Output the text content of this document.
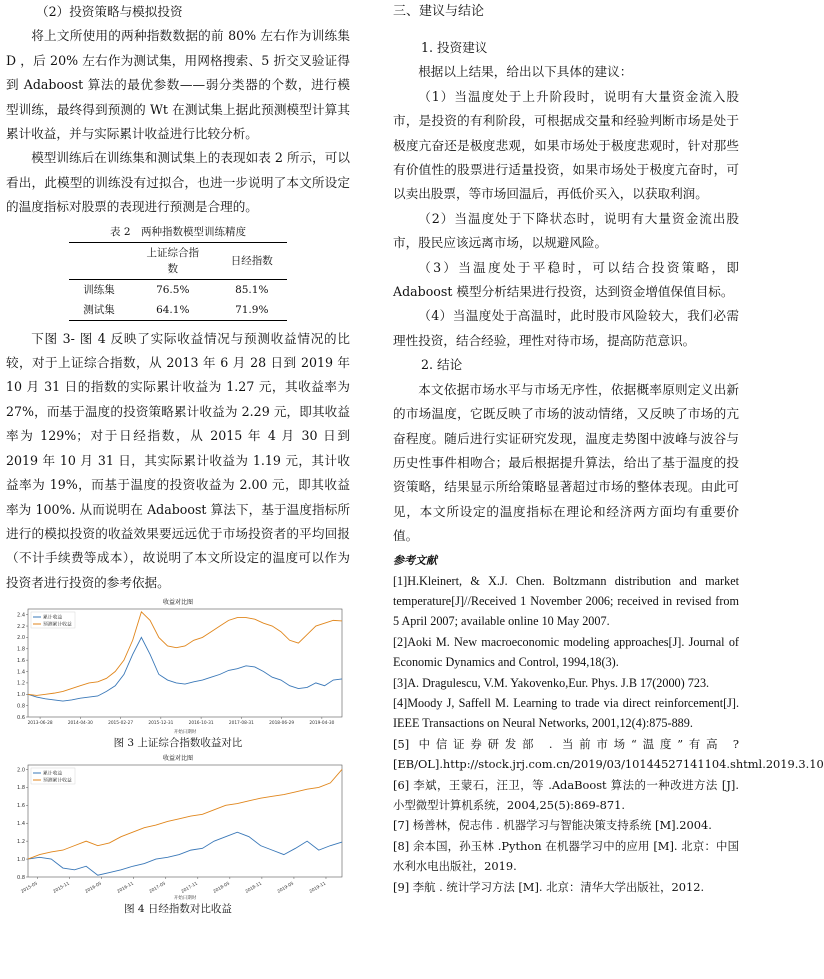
（2）投资策略与模拟投资

将上文所使用的两种指数数据的前 80% 左右作为训练集 D ，后 20% 左右作为测试集，用网格搜索、5 折交叉验证得到 Adaboost 算法的最优参数——弱分类器的个数，进行模型训练，最终得到预测的 Wt 在测试集上据此预测模型计算其累计收益，并与实际累计收益进行比较分析。

模型训练后在训练集和测试集上的表现如表 2 所示，可以看出，此模型的训练没有过拟合，也进一步说明了本文所设定的温度指标对股票的表现进行预测是合理的。

表 2　两种指数模型训练精度
	上证综合指数	日经指数
训练集	76.5%	85.1%
测试集	64.1%	71.9%

下图 3- 图 4 反映了实际收益情况与预测收益情况的比较，对于上证综合指数，从 2013 年 6 月 28 日到 2019 年 10 月 31 日的指数的实际累计收益为 1.27 元，其收益率为 27%，而基于温度的投资策略累计收益为 2.29 元，即其收益率为 129%；对于日经指数，从 2015 年 4 月 30 日到 2019 年 10 月 31 日，其实际累计收益为 1.19 元，其计收益率为 19%，而基于温度的投资收益为 2.00 元，即其收益率为 100%. 从而说明在 Adaboost 算法下，基于温度指标所进行的模拟投资的收益效果要远远优于市场投资者的平均回报（不计手续费等成本），故说明了本文所设定的温度可以作为投资者进行投资的参考依据。

收益对比图
0.6
0.8
1.0
1.2
1.4
1.6
1.8
2.0
2.2
2.4
2013-06-28	2014-04-30	2015-02-27	2015-12-31	2016-10-31	2017-08-31	2018-06-29	2019-04-30
开始日期时
累计收益
预测累计收益

图 3 上证综合指数收益对比

收益对比图
0.8
1.0
1.2
1.4
1.6
1.8
2.0
2015-05	2015-11	2016-05	2016-11	2017-05	2017-11	2018-05	2018-11	2019-05	2019-11
开始日期时
累计收益
预测累计收益

图 4 日经指数对比收益

三、建议与结论

1. 投资建议

根据以上结果，给出以下具体的建议：

（1）当温度处于上升阶段时，说明有大量资金流入股市，是投资的有利阶段，可根据成交量和经验判断市场是处于极度亢奋还是极度悲观，如果市场处于极度悲观时，针对那些有价值性的股票进行适量投资，如果市场处于极度亢奋时，可以卖出股票，等市场回温后，再低价买入，以获取利润。

（2）当温度处于下降状态时，说明有大量资金流出股市，股民应该远离市场，以规避风险。

（3）当温度处于平稳时，可以结合投资策略，即 Adaboost 模型分析结果进行投资，达到资金增值保值目标。

（4）当温度处于高温时，此时股市风险较大，我们必需理性投资，结合经验，理性对待市场，提高防范意识。

2. 结论

本文依据市场水平与市场无序性，依据概率原则定义出新的市场温度，它既反映了市场的波动情绪，又反映了市场的亢奋程度。随后进行实证研究发现，温度走势图中波峰与波谷与历史性事件相吻合；最后根据提升算法，给出了基于温度的投资策略，结果显示所给策略显著超过市场的整体表现。由此可见，本文所设定的温度指标在理论和经济两方面均有重要价值。

参考文献

[1]H.Kleinert, & X.J. Chen. Boltzmann distribution and market temperature[J]//Received 1 November 2006; received in revised from 5 April 2007; available online 10 May 2007.

[2]Aoki M. New macroeconomic modeling approaches[J]. Journal of Economic Dynamics and Control, 1994,18(3).

[3]A. Dragulescu, V.M. Yakovenko,Eur. Phys. J.B 17(2000) 723.

[4]Moody J, Saffell M. Learning to trade via direct reinforcement[J]. IEEE Transactions on Neural Networks, 2001,12(4):875-889.

[5] 中信证券研发部 . 当前市场“温度”有高 ?[EB/OL].http://stock.jrj.com.cn/2019/03/10144527141104.shtml.2019.3.10

[6] 李斌，王蒙石，汪卫，等 .AdaBoost 算法的一种改进方法 [J]. 小型微型计算机系统，2004,25(5):869-871.

[7] 杨善林，倪志伟 . 机器学习与智能决策支持系统 [M].2004.

[8] 余本国，孙玉林 .Python 在机器学习中的应用 [M]. 北京：中国水利水电出版社，2019.

[9] 李航 . 统计学习方法 [M]. 北京：清华大学出版社，2012.
